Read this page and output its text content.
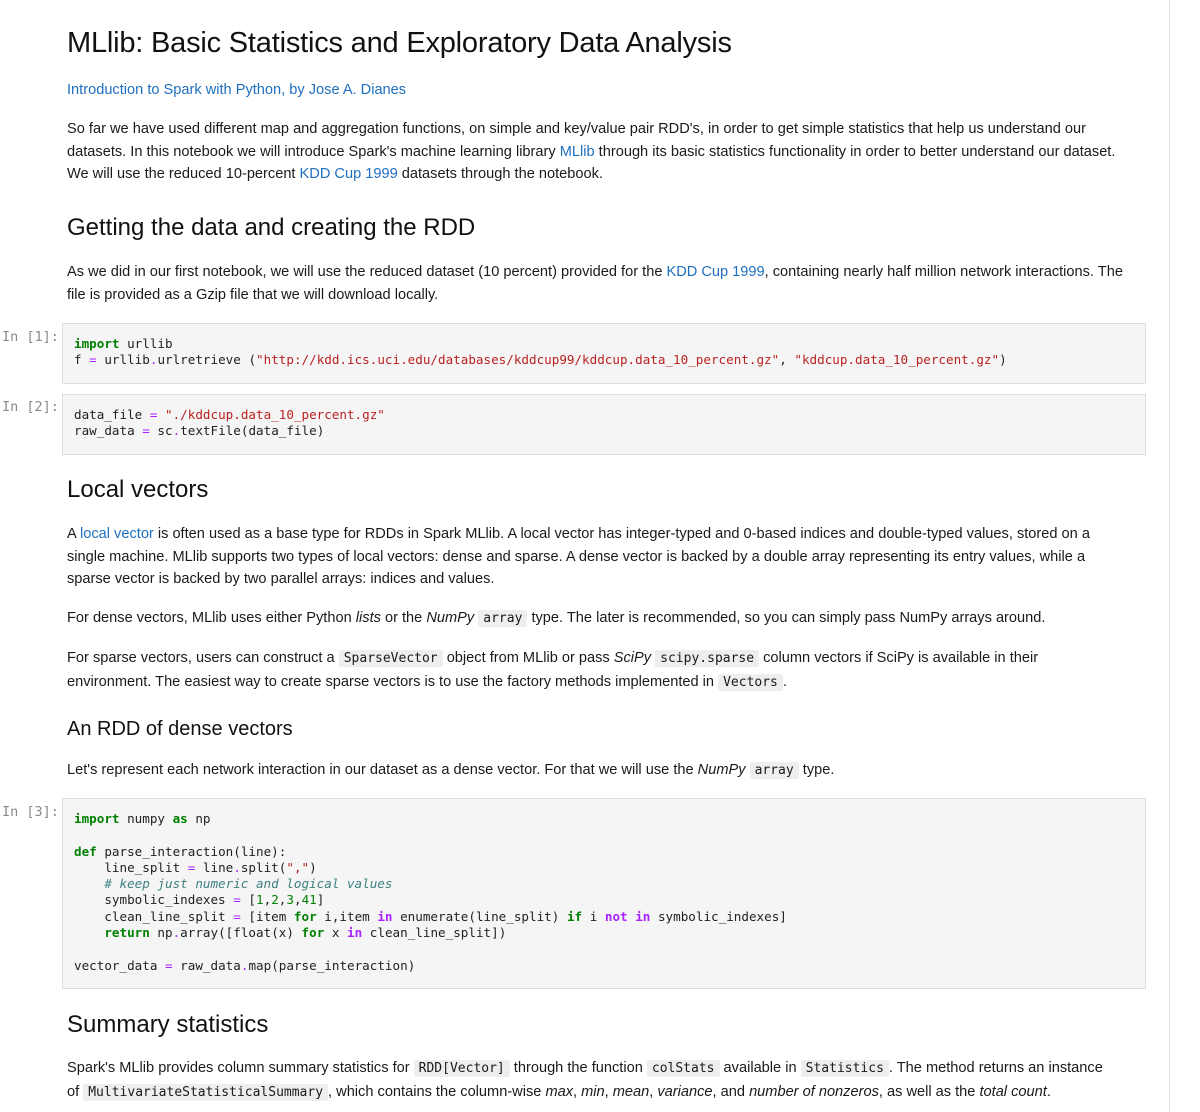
MLlib: Basic Statistics and Exploratory Data Analysis
Introduction to Spark with Python, by Jose A. Dianes
So far we have used different map and aggregation functions, on simple and key/value pair RDD's, in order to get simple statistics that help us understand our
datasets. In this notebook we will introduce Spark's machine learning library MLlib through its basic statistics functionality in order to better understand our dataset.
We will use the reduced 10-percent KDD Cup 1999 datasets through the notebook.
Getting the data and creating the RDD
As we did in our first notebook, we will use the reduced dataset (10 percent) provided for the KDD Cup 1999, containing nearly half million network interactions. The
file is provided as a Gzip file that we will download locally.
In [1]: import urllib
f = urllib.urlretrieve ("http://kdd.ics.uci.edu/databases/kddcup99/kddcup.data_10_percent.gz", "kddcup.data_10_percent.gz")
In [2]: data_file = "./kddcup.data_10_percent.gz"
raw_data = sc.textFile(data_file)
Local vectors
A local vector is often used as a base type for RDDs in Spark MLlib. A local vector has integer-typed and 0-based indices and double-typed values, stored on a
single machine. MLlib supports two types of local vectors: dense and sparse. A dense vector is backed by a double array representing its entry values, while a
sparse vector is backed by two parallel arrays: indices and values.
For dense vectors, MLlib uses either Python lists or the NumPy array type. The later is recommended, so you can simply pass NumPy arrays around.
For sparse vectors, users can construct a SparseVector object from MLlib or pass SciPy scipy.sparse column vectors if SciPy is available in their
environment. The easiest way to create sparse vectors is to use the factory methods implemented in Vectors .
An RDD of dense vectors
Let's represent each network interaction in our dataset as a dense vector. For that we will use the NumPy array type.
In [3]: import numpy as np

def parse_interaction(line):
line_split = line.split(",")
# keep just numeric and logical values
symbolic_indexes = [1,2,3,41]
clean_line_split = [item for i,item in enumerate(line_split) if i not in symbolic_indexes]
return np.array([float(x) for x in clean_line_split])

vector_data = raw_data.map(parse_interaction)
Summary statistics
Spark's MLlib provides column summary statistics for RDD[Vector] through the function colStats available in Statistics . The method returns an instance
of MultivariateStatisticalSummary , which contains the column-wise max, min, mean, variance, and number of nonzeros, as well as the total count.
